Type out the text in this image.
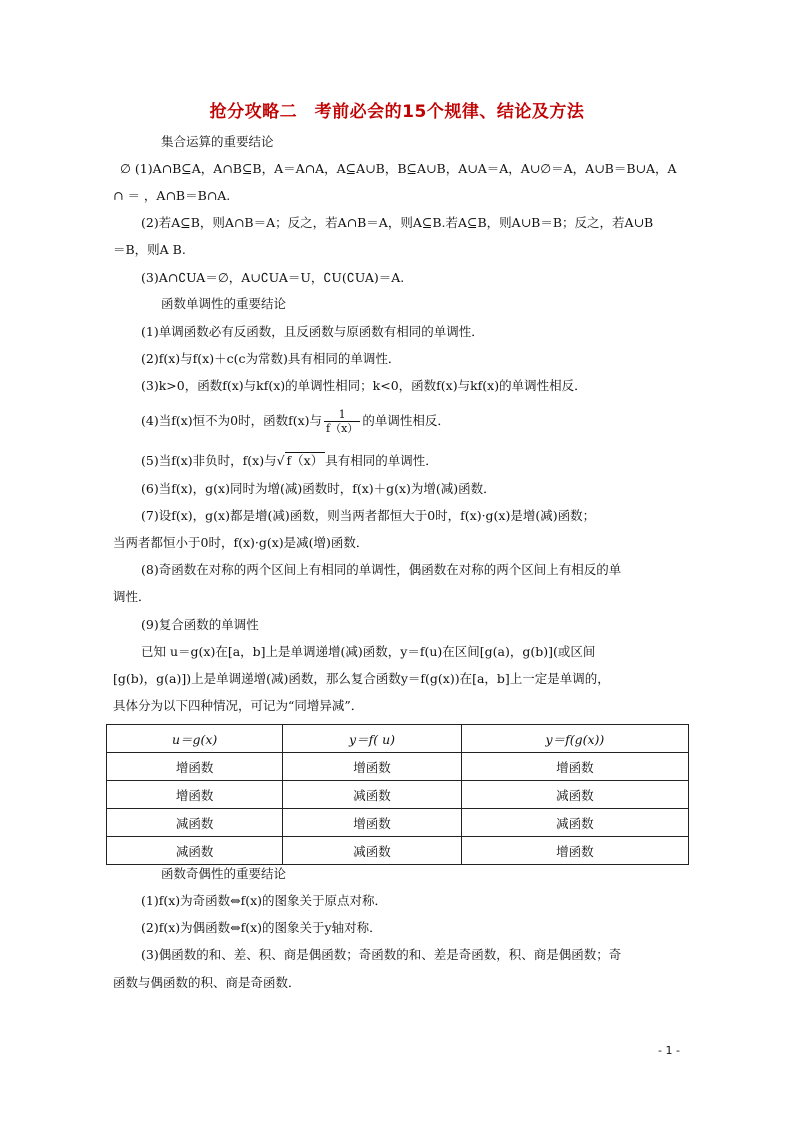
抢分攻略二　考前必会的15个规律、结论及方法
集合运算的重要结论
∅ (1)A∩B⊆A，A∩B⊆B，A＝A∩A，A⊆A∪B，B⊆A∪B，A∪A＝A，A∪∅＝A，A∪B＝B∪A，A
∩ ＝ ，A∩B＝B∩A.
(2)若A⊆B，则A∩B＝A；反之，若A∩B＝A，则A⊆B.若A⊆B，则A∪B＝B；反之，若A∪B
＝B，则A B.
(3)A∩∁UA＝∅，A∪∁UA＝U，∁U(∁UA)＝A.
函数单调性的重要结论
(1)单调函数必有反函数，且反函数与原函数有相同的单调性．
(2)f(x)与f(x)＋c(c为常数)具有相同的单调性．
(3)k>0，函数f(x)与kf(x)的单调性相同；k<0，函数f(x)与kf(x)的单调性相反．
(4)当f(x)恒不为0时，函数f(x)与 $\frac{1}{f(x)}$ 的单调性相反．
(5)当f(x)非负时，f(x)与√ f（x） 具有相同的单调性．
(6)当f(x)，g(x)同时为增(减)函数时，f(x)＋g(x)为增(减)函数．
(7)设f(x)，g(x)都是增(减)函数，则当两者都恒大于0时，f(x)·g(x)是增(减)函数；
当两者都恒小于0时，f(x)·g(x)是减(增)函数．
(8)奇函数在对称的两个区间上有相同的单调性，偶函数在对称的两个区间上有相反的单
调性．
(9)复合函数的单调性
已知 u＝g(x)在[a，b]上是单调递增(减)函数，y＝f(u)在区间[g(a)，g(b)](或区间
[g(b)，g(a)])上是单调递增(减)函数，那么复合函数y＝f(g(x))在[a，b]上一定是单调的，
具体分为以下四种情况，可记为“同增异减”．
u＝g(x)	y＝f( u)	y＝f(g(x))
增函数	增函数	增函数
增函数	减函数	减函数
减函数	增函数	减函数
减函数	减函数	增函数
函数奇偶性的重要结论
(1)f(x)为奇函数⇔f(x)的图象关于原点对称．
(2)f(x)为偶函数⇔f(x)的图象关于y轴对称．
(3)偶函数的和、差、积、商是偶函数；奇函数的和、差是奇函数，积、商是偶函数；奇
函数与偶函数的积、商是奇函数．
- 1 -
